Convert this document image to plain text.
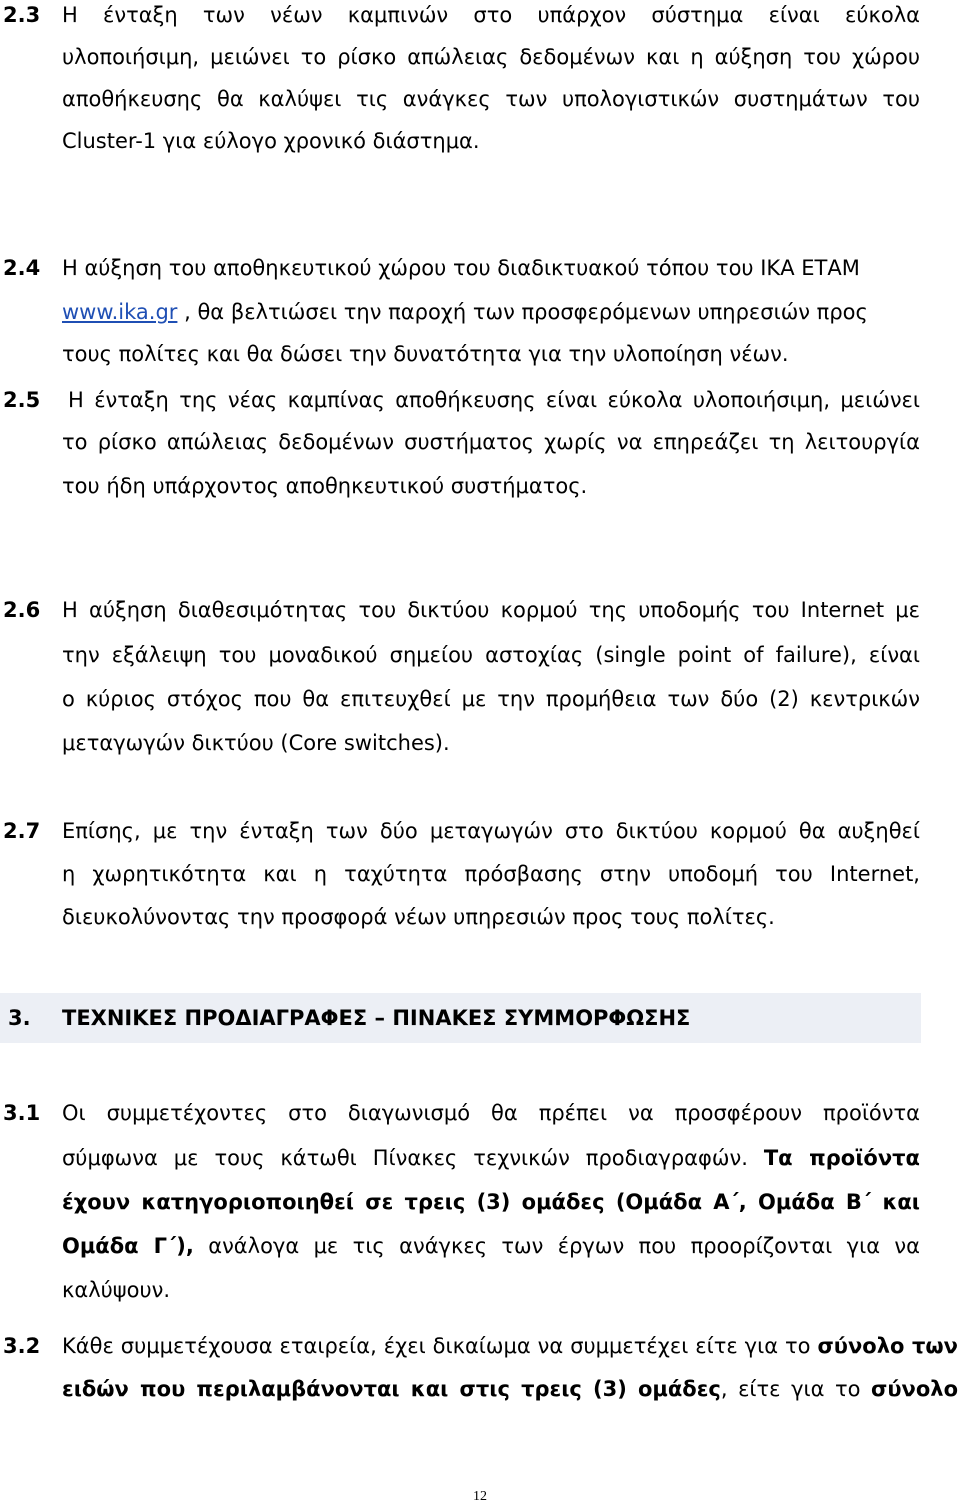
2.3 Η ένταξη των νέων καμπινών στο υπάρχον σύστημα είναι εύκολα
υλοποιήσιμη, μειώνει το ρίσκο απώλειας δεδομένων και η αύξηση του χώρου
αποθήκευσης θα καλύψει τις ανάγκες των υπολογιστικών συστημάτων του
Cluster-1 για εύλογο χρονικό διάστημα.
2.4 Η αύξηση του αποθηκευτικού χώρου του διαδικτυακού τόπου του ΙΚΑ ΕΤΑΜ
www.ika.gr , θα βελτιώσει την παροχή των προσφερόμενων υπηρεσιών προς
τους πολίτες και θα δώσει την δυνατότητα για την υλοποίηση νέων.
2.5 Η ένταξη της νέας καμπίνας αποθήκευσης είναι εύκολα υλοποιήσιμη, μειώνει
το ρίσκο απώλειας δεδομένων συστήματος χωρίς να επηρεάζει τη λειτουργία
του ήδη υπάρχοντος αποθηκευτικού συστήματος.
2.6 Η αύξηση διαθεσιμότητας του δικτύου κορμού της υποδομής του Internet με
την εξάλειψη του μοναδικού σημείου αστοχίας (single point of failure), είναι
ο κύριος στόχος που θα επιτευχθεί με την προμήθεια των δύο (2) κεντρικών
μεταγωγών δικτύου (Core switches).
2.7 Επίσης, με την ένταξη των δύο μεταγωγών στο δικτύου κορμού θα αυξηθεί
η χωρητικότητα και η ταχύτητα πρόσβασης στην υποδομή του Internet,
διευκολύνοντας την προσφορά νέων υπηρεσιών προς τους πολίτες.
3. ΤΕΧΝΙΚΕΣ ΠΡΟΔΙΑΓΡΑΦΕΣ – ΠΙΝΑΚΕΣ ΣΥΜΜΟΡΦΩΣΗΣ
3.1 Οι συμμετέχοντες στο διαγωνισμό θα πρέπει να προσφέρουν προϊόντα
σύμφωνα με τους κάτωθι Πίνακες τεχνικών προδιαγραφών. Τα προϊόντα
έχουν κατηγοριοποιηθεί σε τρεις (3) ομάδες (Ομάδα Α΄, Ομάδα Β΄ και
Ομάδα Γ΄), ανάλογα με τις ανάγκες των έργων που προορίζονται για να
καλύψουν.
3.2 Κάθε συμμετέχουσα εταιρεία, έχει δικαίωμα να συμμετέχει είτε για το σύνολο των
ειδών που περιλαμβάνονται και στις τρεις (3) ομάδες, είτε για το σύνολο
12
